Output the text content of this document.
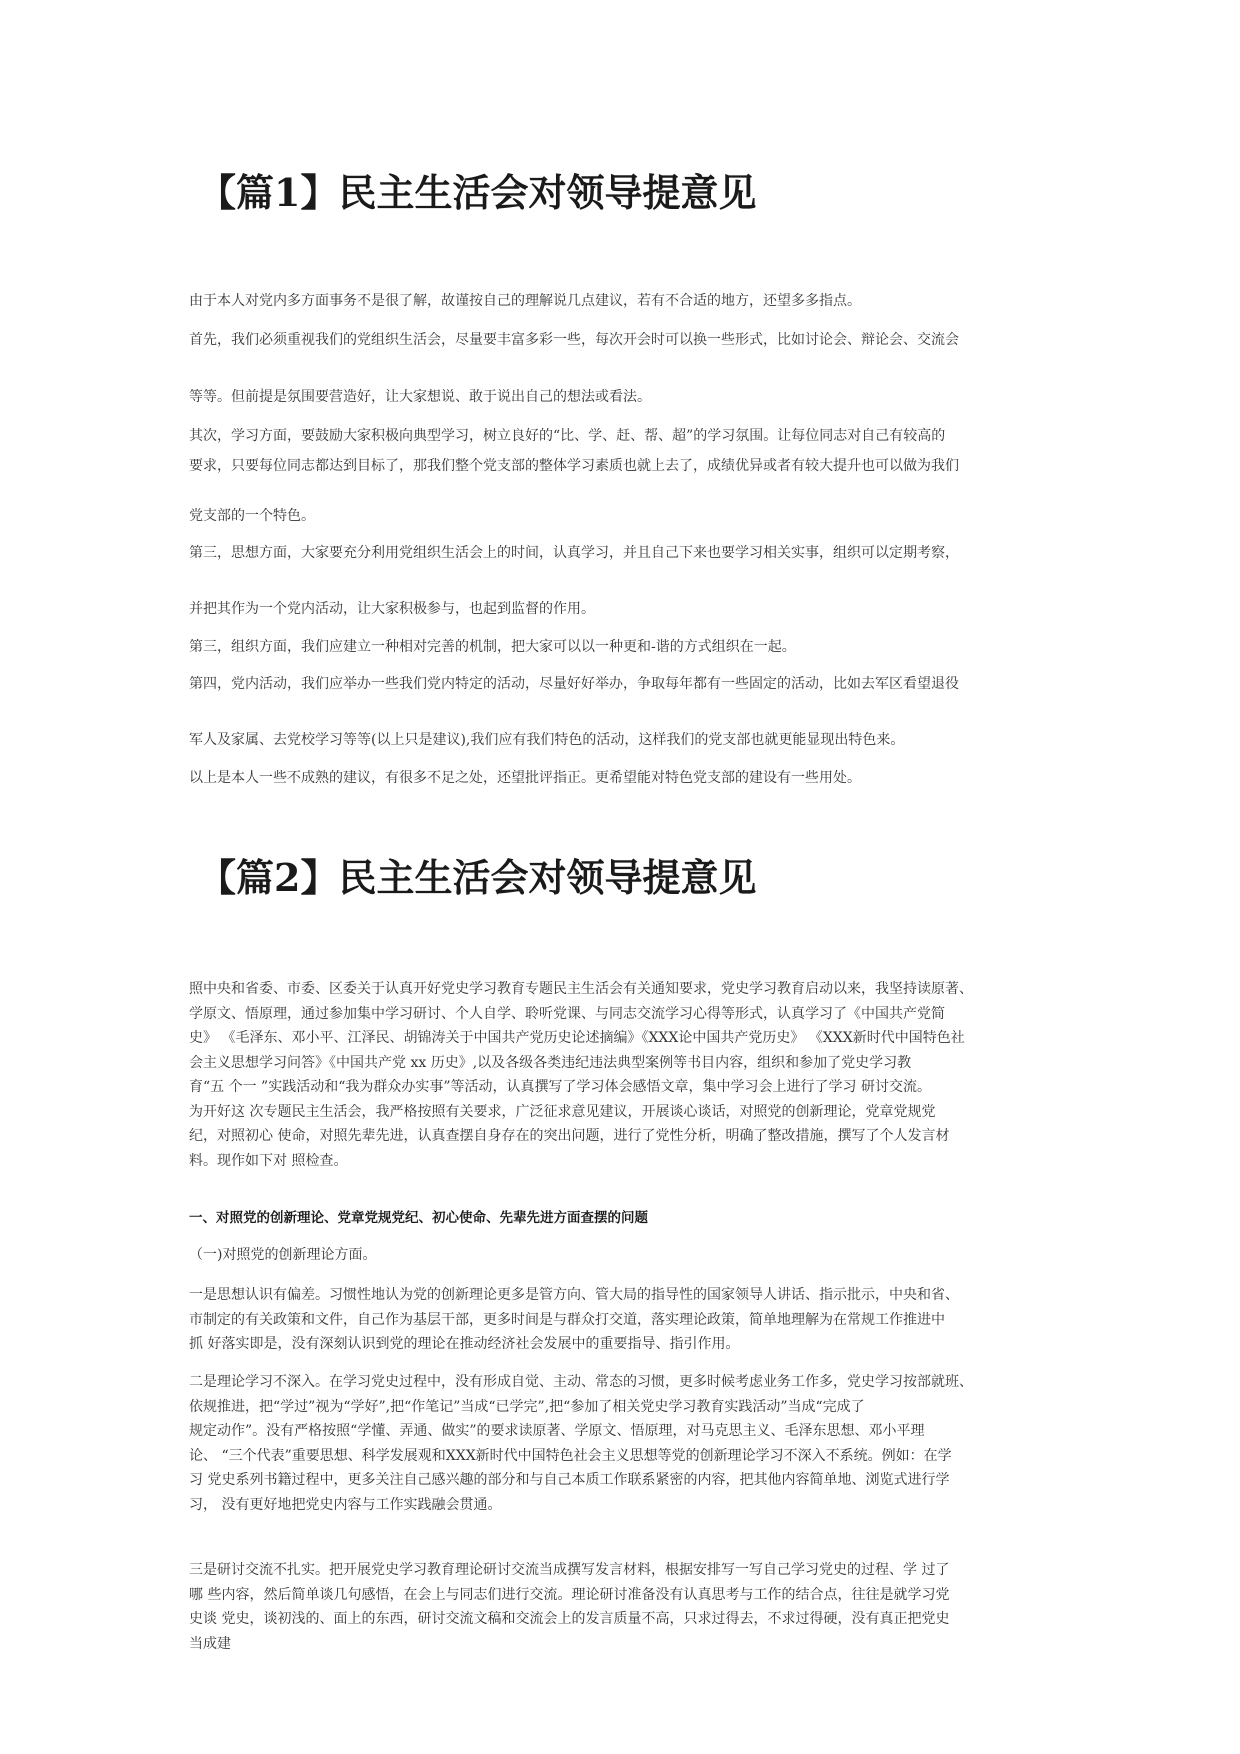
【篇1】民主生活会对领导提意见
由于本人对党内多方面事务不是很了解，故谨按自己的理解说几点建议，若有不合适的地方，还望多多指点。
首先，我们必须重视我们的党组织生活会，尽量要丰富多彩一些，每次开会时可以换一些形式，比如讨论会、辩论会、交流会
等等。但前提是氛围要营造好，让大家想说、敢于说出自己的想法或看法。
其次，学习方面，要鼓励大家积极向典型学习，树立良好的“比、学、赶、帮、超”的学习氛围。让每位同志对自己有较高的
要求，只要每位同志都达到目标了，那我们整个党支部的整体学习素质也就上去了，成绩优异或者有较大提升也可以做为我们
党支部的一个特色。
第三，思想方面，大家要充分利用党组织生活会上的时间，认真学习，并且自己下来也要学习相关实事，组织可以定期考察，
并把其作为一个党内活动，让大家积极参与，也起到监督的作用。
第三，组织方面，我们应建立一种相对完善的机制，把大家可以以一种更和-谐的方式组织在一起。
第四，党内活动，我们应举办一些我们党内特定的活动，尽量好好举办，争取每年都有一些固定的活动，比如去军区看望退役
军人及家属、去党校学习等等(以上只是建议),我们应有我们特色的活动，这样我们的党支部也就更能显现出特色来。
以上是本人一些不成熟的建议，有很多不足之处，还望批评指正。更希望能对特色党支部的建设有一些用处。
【篇2】民主生活会对领导提意见
照中央和省委、市委、区委关于认真开好党史学习教育专题民主生活会有关通知要求，党史学习教育启动以来，我坚持读原著、
学原文、悟原理，通过参加集中学习研讨、个人自学、聆听党课、与同志交流学习心得等形式，认真学习了《中国共产党简
史》 《毛泽东、邓小平、江泽民、胡锦涛关于中国共产党历史论述摘编》《XXX论中国共产党历史》 《XXX新时代中国特色社
会主义思想学习问答》《中国共产党 xx 历史》,以及各级各类违纪违法典型案例等书目内容，组织和参加了党史学习教
育“五 个一 ”实践活动和“我为群众办实事”等活动，认真撰写了学习体会感悟文章，集中学习会上进行了学习 研讨交流。
为开好这 次专题民主生活会，我严格按照有关要求，广泛征求意见建议，开展谈心谈话，对照党的创新理论，党章党规党
纪，对照初心 使命，对照先辈先进，认真查摆自身存在的突出问题，进行了党性分析，明确了整改措施，撰写了个人发言材
料。现作如下对 照检查。
一、对照党的创新理论、党章党规党纪、初心使命、先辈先进方面查摆的问题
（一)对照党的创新理论方面。
一是思想认识有偏差。习惯性地认为党的创新理论更多是管方向、管大局的指导性的国家领导人讲话、指示批示，中央和省、
市制定的有关政策和文件，自己作为基层干部，更多时间是与群众打交道，落实理论政策，简单地理解为在常规工作推进中
抓 好落实即是，没有深刻认识到党的理论在推动经济社会发展中的重要指导、指引作用。
二是理论学习不深入。在学习党史过程中，没有形成自觉、主动、常态的习惯，更多时候考虑业务工作多，党史学习按部就班、
依规推进，把“学过”视为“学好”,把“作笔记”当成“已学完”,把“参加了相关党史学习教育实践活动”当成“完成了
规定动作”。没有严格按照“学懂、弄通、做实”的要求读原著、学原文、悟原理，对马克思主义、毛泽东思想、邓小平理
论、 “三个代表”重要思想、科学发展观和XXX新时代中国特色社会主义思想等党的创新理论学习不深入不系统。例如：在学
习 党史系列书籍过程中，更多关注自己感兴趣的部分和与自己本质工作联系紧密的内容，把其他内容简单地、浏览式进行学
习， 没有更好地把党史内容与工作实践融会贯通。
三是研讨交流不扎实。把开展党史学习教育理论研讨交流当成撰写发言材料，根据安排写一写自己学习党史的过程、学 过了
哪 些内容，然后简单谈几句感悟，在会上与同志们进行交流。理论研讨准备没有认真思考与工作的结合点，往往是就学习党
史谈 党史，谈初浅的、面上的东西，研讨交流文稿和交流会上的发言质量不高，只求过得去，不求过得硬，没有真正把党史
当成建
